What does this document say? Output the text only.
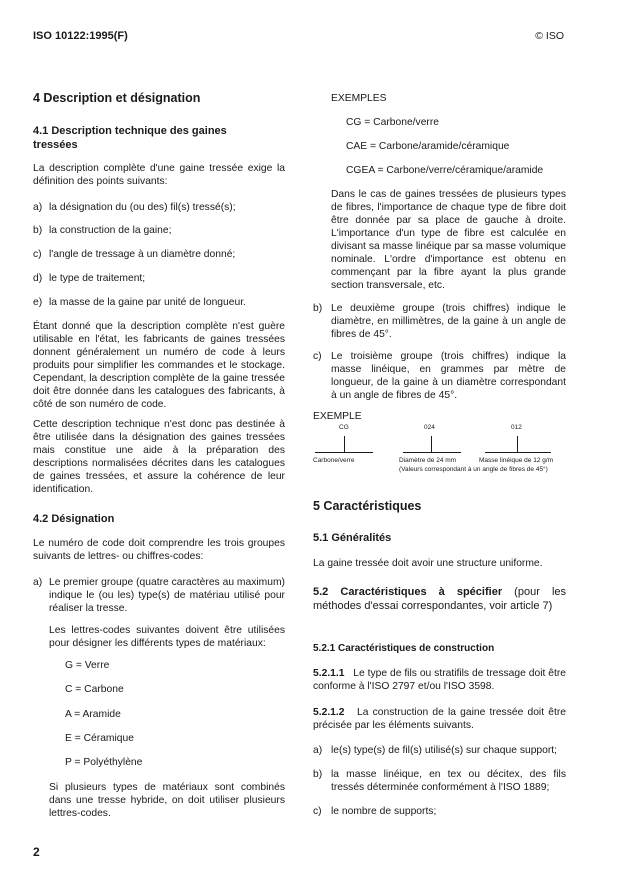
ISO 10122:1995(F)	© ISO
4 Description et désignation
4.1 Description technique des gaines tressées
La description complète d'une gaine tressée exige la définition des points suivants:
a) la désignation du (ou des) fil(s) tressé(s);
b) la construction de la gaine;
c) l'angle de tressage à un diamètre donné;
d) le type de traitement;
e) la masse de la gaine par unité de longueur.
Étant donné que la description complète n'est guère utilisable en l'état, les fabricants de gaines tressées donnent généralement un numéro de code à leurs produits pour simplifier les commandes et le stockage. Cependant, la description complète de la gaine tressée doit être donnée dans les catalogues des fabricants, à côté de son numéro de code.
Cette description technique n'est donc pas destinée à être utilisée dans la désignation des gaines tressées mais constitue une aide à la préparation des descriptions normalisées décrites dans les catalogues de gaines tressées, et assure la cohérence de leur identification.
4.2 Désignation
Le numéro de code doit comprendre les trois groupes suivants de lettres- ou chiffres-codes:
a) Le premier groupe (quatre caractères au maximum) indique le (ou les) type(s) de matériau utilisé pour réaliser la tresse.
Les lettres-codes suivantes doivent être utilisées pour désigner les différents types de matériaux:
G = Verre
C = Carbone
A = Aramide
E = Céramique
P = Polyéthylène
Si plusieurs types de matériaux sont combinés dans une tresse hybride, on doit utiliser plusieurs lettres-codes.
EXEMPLES
CG = Carbone/verre
CAE = Carbone/aramide/céramique
CGEA = Carbone/verre/céramique/aramide
Dans le cas de gaines tressées de plusieurs types de fibres, l'importance de chaque type de fibre doit être donnée par sa place de gauche à droite. L'importance d'un type de fibre est calculée en divisant sa masse linéique par sa masse volumique nominale. L'ordre d'importance est obtenu en commençant par la fibre ayant la plus grande section transversale, etc.
b) Le deuxième groupe (trois chiffres) indique le diamètre, en millimètres, de la gaine à un angle de fibres de 45°.
c) Le troisième groupe (trois chiffres) indique la masse linéique, en grammes par mètre de longueur, de la gaine à un diamètre correspondant à un angle de fibres de 45°.
EXEMPLE
CG	024	012
Carbone/verre	Diamètre de 24 mm	Masse linéique de 12 g/m
(Valeurs correspondant à un angle de fibres de 45°)
5 Caractéristiques
5.1 Généralités
La gaine tressée doit avoir une structure uniforme.
5.2 Caractéristiques à spécifier (pour les méthodes d'essai correspondantes, voir article 7)
5.2.1 Caractéristiques de construction
5.2.1.1 Le type de fils ou stratifils de tressage doit être conforme à l'ISO 2797 et/ou l'ISO 3598.
5.2.1.2 La construction de la gaine tressée doit être précisée par les éléments suivants.
a) le(s) type(s) de fil(s) utilisé(s) sur chaque support;
b) la masse linéique, en tex ou décitex, des fils tressés déterminée conformément à l'ISO 1889;
c) le nombre de supports;
2
